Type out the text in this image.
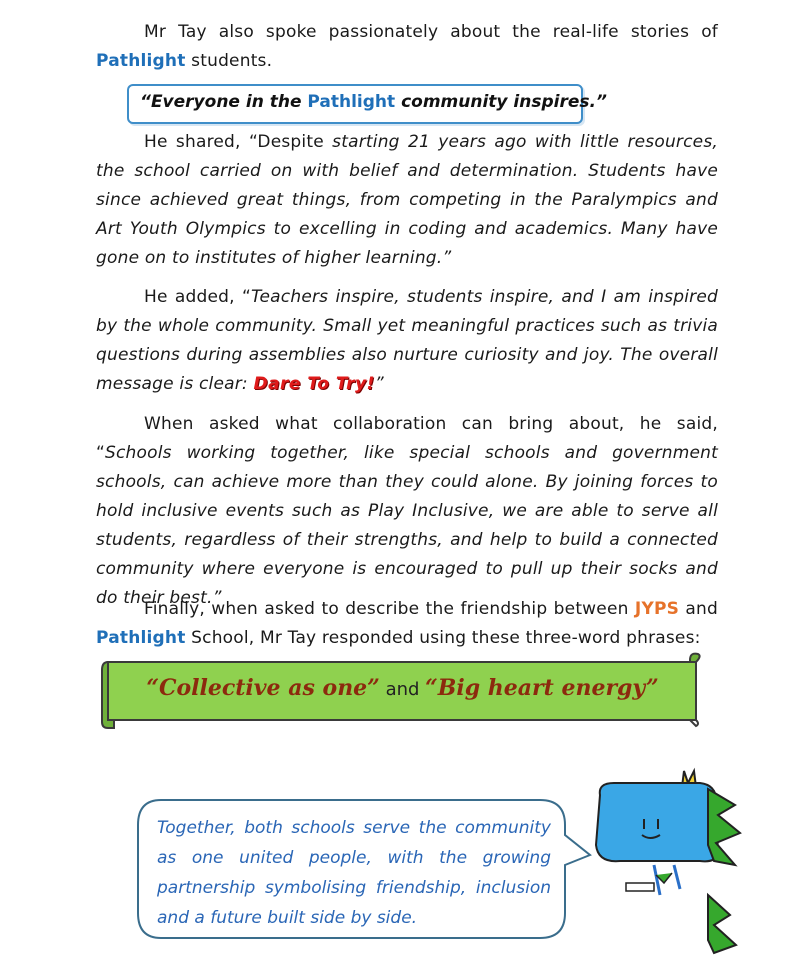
Mr Tay also spoke passionately about the real-life stories of Pathlight students.
“Everyone in the Pathlight community inspires.”
He shared, “Despite starting 21 years ago with little resources, the school carried on with belief and determination. Students have since achieved great things, from competing in the Paralympics and Art Youth Olympics to excelling in coding and academics. Many have gone on to institutes of higher learning.”
He added, “Teachers inspire, students inspire, and I am inspired by the whole community. Small yet meaningful practices such as trivia questions during assemblies also nurture curiosity and joy. The overall message is clear: Dare To Try!”
When asked what collaboration can bring about, he said, “Schools working together, like special schools and government schools, can achieve more than they could alone. By joining forces to hold inclusive events such as Play Inclusive, we are able to serve all students, regardless of their strengths, and help to build a connected community where everyone is encouraged to pull up their socks and do their best.”
Finally, when asked to describe the friendship between JYPS and Pathlight School, Mr Tay responded using these three-word phrases:
“Collective as one” and “Big heart energy”
Together, both schools serve the community as one united people, with the growing partnership symbolising friendship, inclusion and a future built side by side.
